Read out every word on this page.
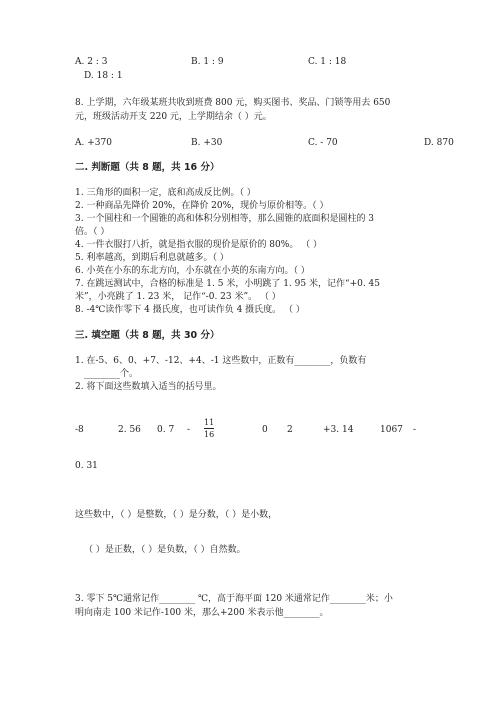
A. 2 : 3	B. 1 : 9	C. 1 : 18
D. 18 : 1
8. 上学期，六年级某班共收到班费 800 元，购买图书、奖品、门锁等用去 650
元，班级活动开支 220 元，上学期结余（ ）元。
A. +370	B. +30	C. - 70	D. 870
二. 判断题（共 8 题，共 16 分）
1. 三角形的面积一定，底和高成反比例。（ ）
2. 一种商品先降价 20%，在降价 20%，现价与原价相等。（ ）
3. 一个圆柱和一个圆锥的高和体积分别相等，那么圆锥的底面积是圆柱的 3
倍。（ ）
4. 一件衣服打八折，就是指衣服的现价是原价的 80%。 （ ）
5. 利率越高，到期后利息就越多。（ ）
6. 小英在小东的东北方向，小东就在小英的东南方向。（ ）
7. 在跳远测试中，合格的标准是 1. 5 米，小明跳了 1. 95 米，记作“+0. 45
米”，小亮跳了 1. 23 米， 记作“-0. 23 米”。 （ ）
8. -4℃读作零下 4 摄氏度，也可读作负 4 摄氏度。 （ ）
三. 填空题（共 8 题，共 30 分）
1. 在-5、6、0、+7、-12、+4、-1 这些数中，正数有________，负数有
________个。
2. 将下面这些数填入适当的括号里。
-8	2. 56 0. 7 -
11
16	0 2	+3. 14	1067 -
0. 31
这些数中，（ ）是整数，（ ）是分数，（ ）是小数，
（ ）是正数，（ ）是负数，（ ）自然数。
3. 零下 5℃通常记作________ ℃，高于海平面 120 米通常记作________米；小
明向南走 100 米记作-100 米，那么+200 米表示他________。
